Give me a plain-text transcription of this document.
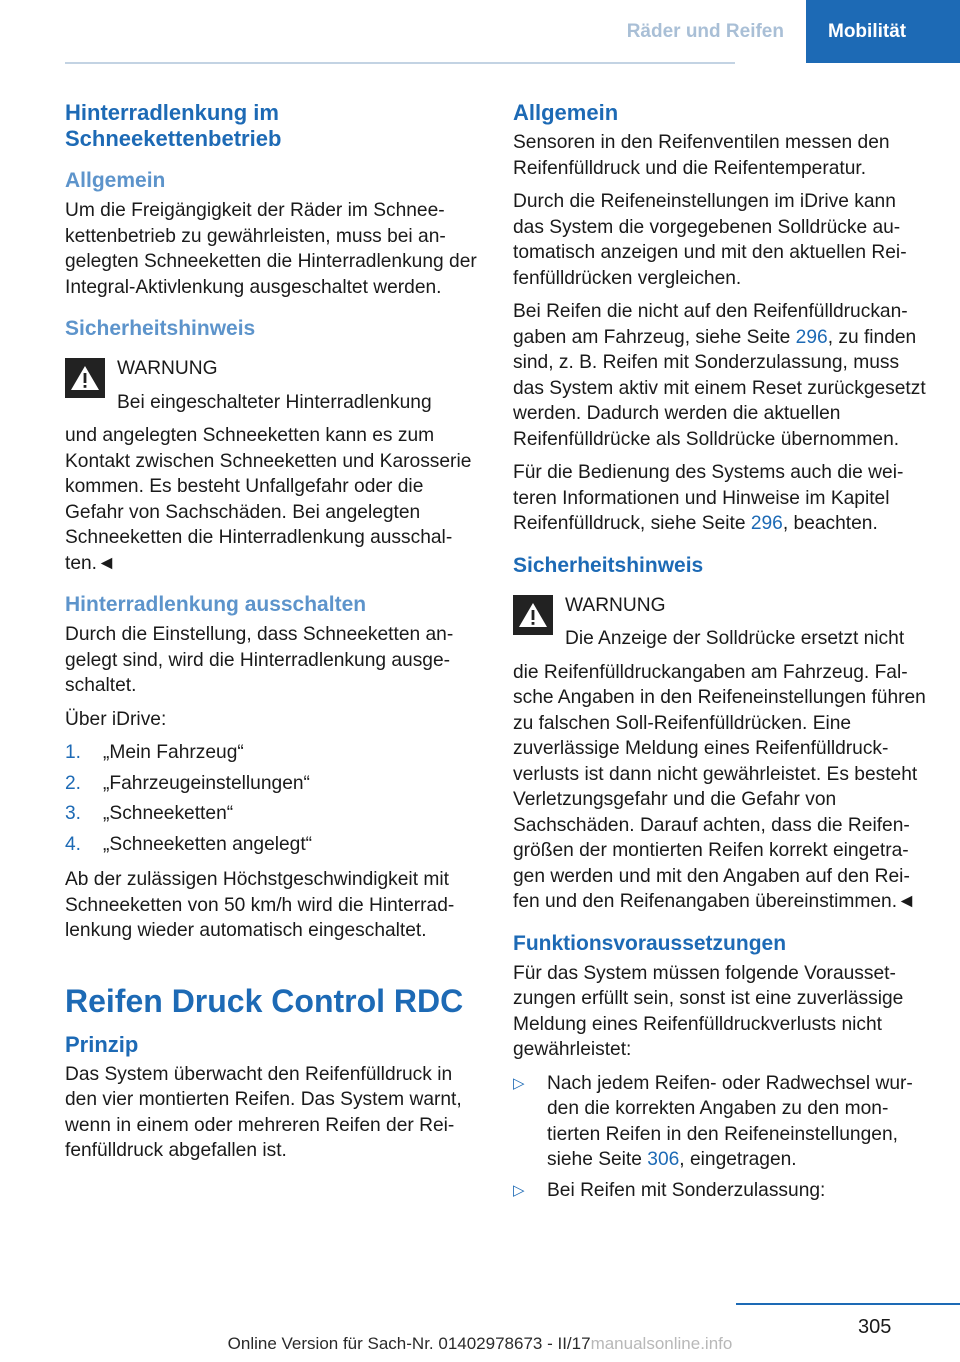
Räder und Reifen	Mobilität
Hinterradlenkung im Schneekettenbetrieb
Allgemein

Um die Freigängigkeit der Räder im Schneekettenbetrieb zu gewährleisten, muss bei angelegten Schneeketten die Hinterradlenkung der Integral-Aktivlenkung ausgeschaltet werden.

Sicherheitshinweis

WARNUNG

Bei eingeschalteter Hinterradlenkung

und angelegten Schneeketten kann es zum Kontakt zwischen Schneeketten und Karosserie kommen. Es besteht Unfallgefahr oder die Gefahr von Sachschäden. Bei angelegten Schneeketten die Hinterradlenkung ausschalten.◄

Hinterradlenkung ausschalten

Durch die Einstellung, dass Schneeketten angelegt sind, wird die Hinterradlenkung ausgeschaltet.

Über iDrive:

1.	„Mein Fahrzeug“
2.	„Fahrzeugeinstellungen“
3.	„Schneeketten“
4.	„Schneeketten angelegt“

Ab der zulässigen Höchstgeschwindigkeit mit Schneeketten von 50 km/h wird die Hinterradlenkung wieder automatisch eingeschaltet.

Reifen Druck Control RDC
Prinzip

Das System überwacht den Reifenfülldruck in den vier montierten Reifen. Das System warnt, wenn in einem oder mehreren Reifen der Reifenfülldruck abgefallen ist.

Allgemein

Sensoren in den Reifenventilen messen den Reifenfülldruck und die Reifentemperatur.

Durch die Reifeneinstellungen im iDrive kann das System die vorgegebenen Solldrücke automatisch anzeigen und mit den aktuellen Reifenfülldrücken vergleichen.

Bei Reifen die nicht auf den Reifenfülldruckangaben am Fahrzeug, siehe Seite 296, zu finden sind, z. B. Reifen mit Sonderzulassung, muss das System aktiv mit einem Reset zurückgesetzt werden. Dadurch werden die aktuellen Reifenfülldrücke als Solldrücke übernommen.

Für die Bedienung des Systems auch die weiteren Informationen und Hinweise im Kapitel Reifenfülldruck, siehe Seite 296, beachten.

Sicherheitshinweis

WARNUNG

Die Anzeige der Solldrücke ersetzt nicht

die Reifenfülldruckangaben am Fahrzeug. Falsche Angaben in den Reifeneinstellungen führen zu falschen Soll-Reifenfülldrücken. Eine zuverlässige Meldung eines Reifenfülldruckverlusts ist dann nicht gewährleistet. Es besteht Verletzungsgefahr und die Gefahr von Sachschäden. Darauf achten, dass die Reifengrößen der montierten Reifen korrekt eingetragen werden und mit den Angaben auf den Reifen und den Reifenangaben übereinstimmen.◄

Funktionsvoraussetzungen

Für das System müssen folgende Voraussetzungen erfüllt sein, sonst ist eine zuverlässige Meldung eines Reifenfülldruckverlusts nicht gewährleistet:

▷	Nach jedem Reifen- oder Radwechsel wurden die korrekten Angaben zu den montierten Reifen in den Reifeneinstellungen, siehe Seite 306, eingetragen.
▷	Bei Reifen mit Sonderzulassung:
305
Online Version für Sach-Nr. 01402978673 - II/17manualsonline.info
